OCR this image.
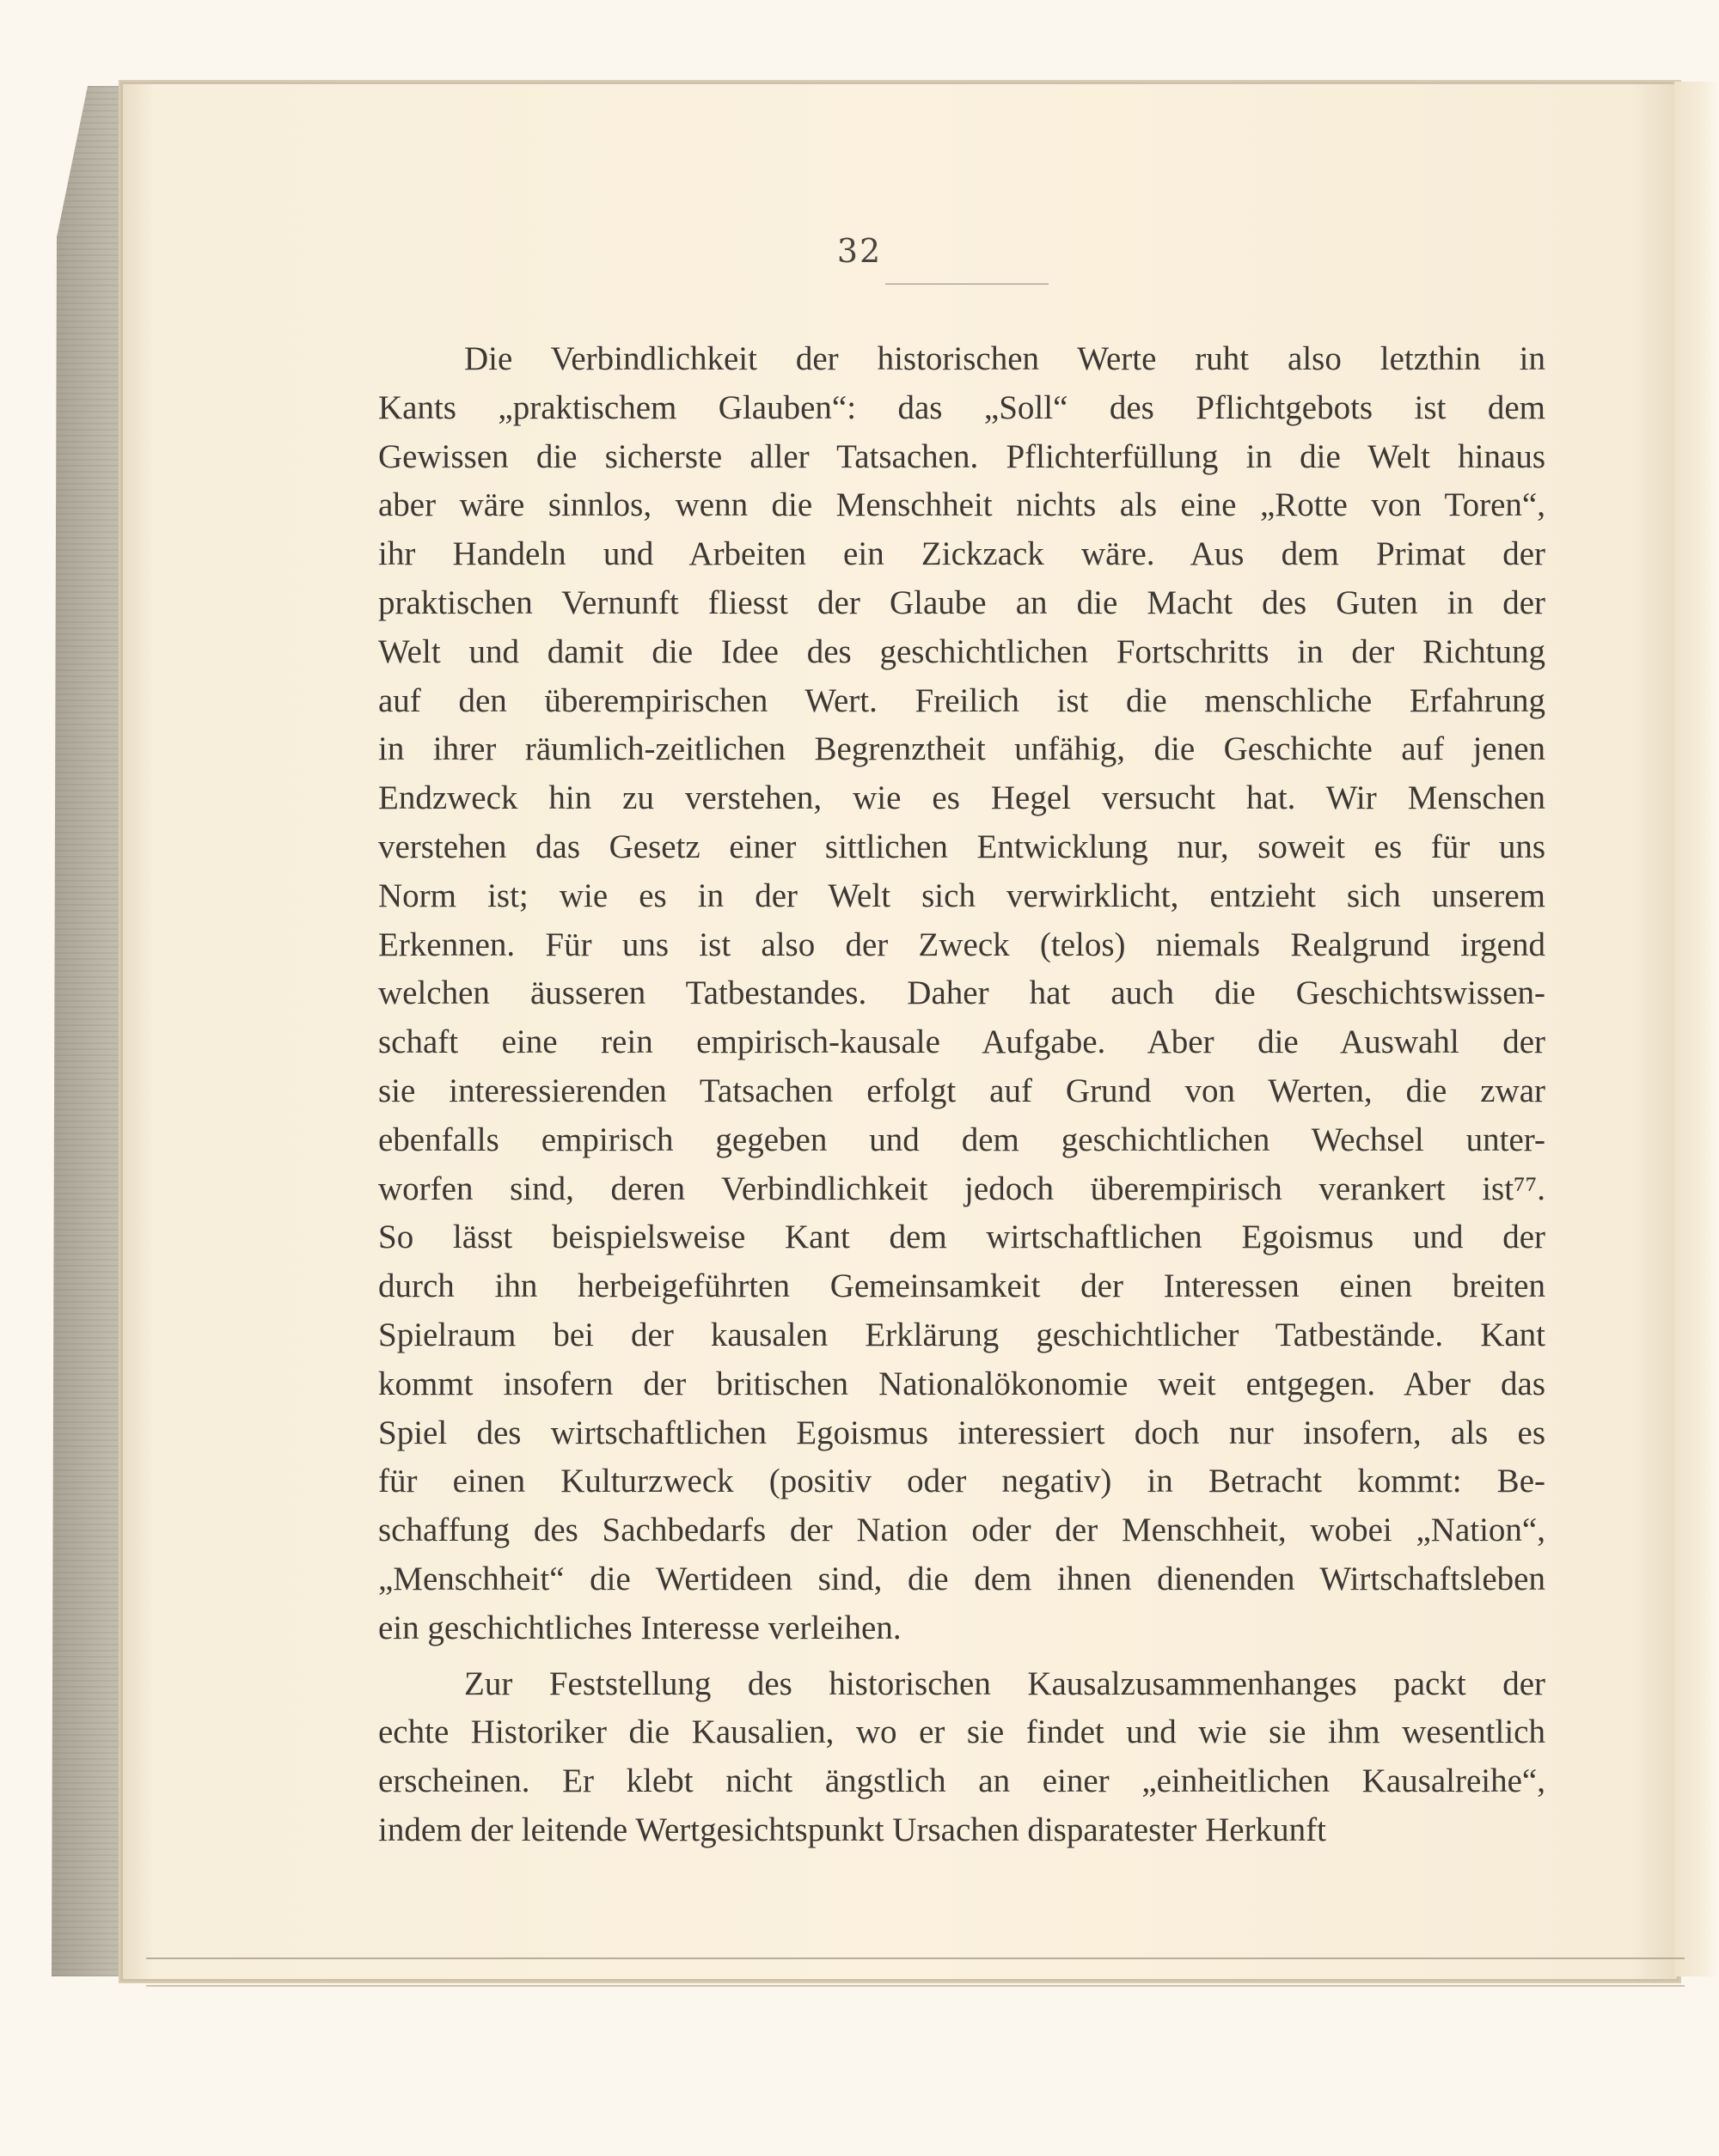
32
Die Verbindlichkeit der historischen Werte ruht also letzthin in
Kants „praktischem Glauben“: das „Soll“ des Pflichtgebots ist dem
Gewissen die sicherste aller Tatsachen. Pflichterfüllung in die Welt hinaus
aber wäre sinnlos, wenn die Menschheit nichts als eine „Rotte von Toren“,
ihr Handeln und Arbeiten ein Zickzack wäre. Aus dem Primat der
praktischen Vernunft fliesst der Glaube an die Macht des Guten in der
Welt und damit die Idee des geschichtlichen Fortschritts in der Richtung
auf den überempirischen Wert. Freilich ist die menschliche Erfahrung
in ihrer räumlich-zeitlichen Begrenztheit unfähig, die Geschichte auf jenen
Endzweck hin zu verstehen, wie es Hegel versucht hat. Wir Menschen
verstehen das Gesetz einer sittlichen Entwicklung nur, soweit es für uns
Norm ist; wie es in der Welt sich verwirklicht, entzieht sich unserem
Erkennen. Für uns ist also der Zweck (telos) niemals Realgrund irgend
welchen äusseren Tatbestandes. Daher hat auch die Geschichtswissen-
schaft eine rein empirisch-kausale Aufgabe. Aber die Auswahl der
sie interessierenden Tatsachen erfolgt auf Grund von Werten, die zwar
ebenfalls empirisch gegeben und dem geschichtlichen Wechsel unter-
worfen sind, deren Verbindlichkeit jedoch überempirisch verankert ist⁷⁷.
So lässt beispielsweise Kant dem wirtschaftlichen Egoismus und der
durch ihn herbeigeführten Gemeinsamkeit der Interessen einen breiten
Spielraum bei der kausalen Erklärung geschichtlicher Tatbestände. Kant
kommt insofern der britischen Nationalökonomie weit entgegen. Aber das
Spiel des wirtschaftlichen Egoismus interessiert doch nur insofern, als es
für einen Kulturzweck (positiv oder negativ) in Betracht kommt: Be-
schaffung des Sachbedarfs der Nation oder der Menschheit, wobei „Nation“,
„Menschheit“ die Wertideen sind, die dem ihnen dienenden Wirtschaftsleben
ein geschichtliches Interesse verleihen.
Zur Feststellung des historischen Kausalzusammenhanges packt der
echte Historiker die Kausalien, wo er sie findet und wie sie ihm wesentlich
erscheinen. Er klebt nicht ängstlich an einer „einheitlichen Kausalreihe“,
indem der leitende Wertgesichtspunkt Ursachen disparatester Herkunft
